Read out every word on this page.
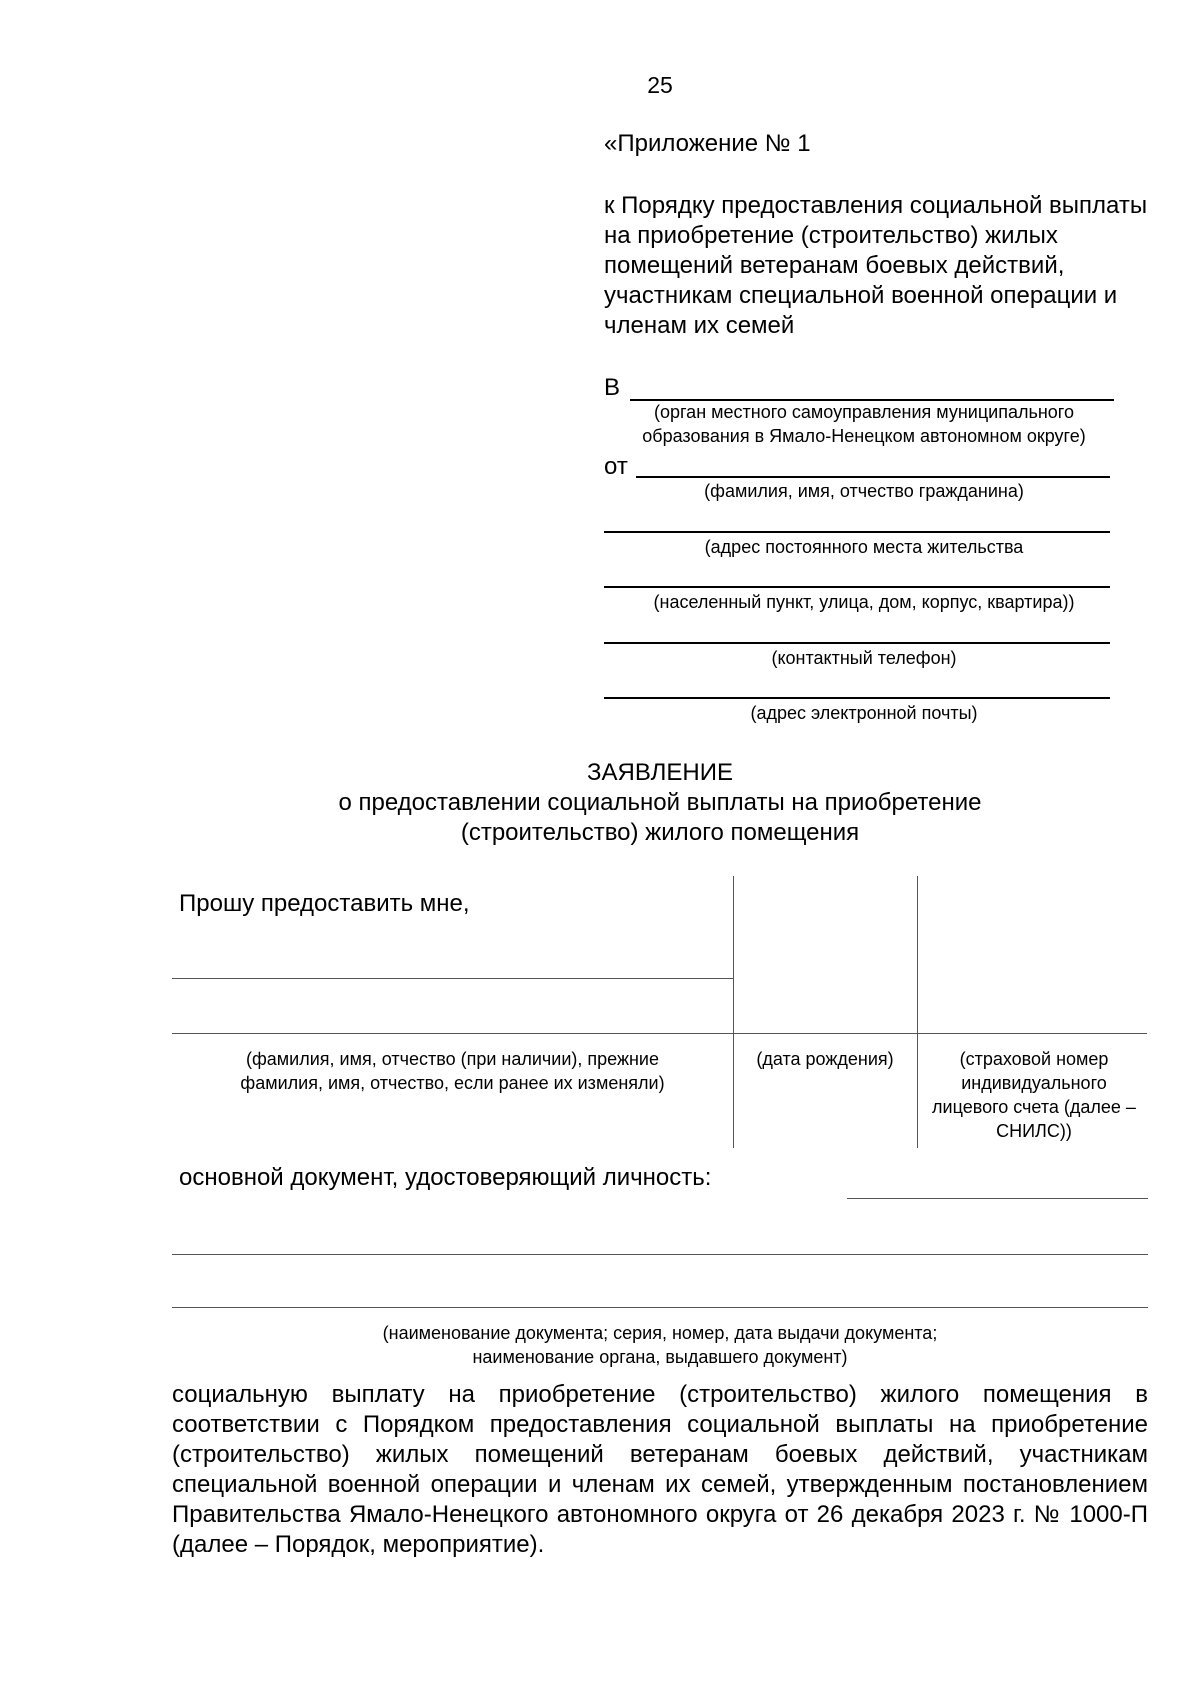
25
«Приложение № 1
к Порядку предоставления социальной выплаты на приобретение (строительство) жилых помещений ветеранам боевых действий, участникам специальной военной операции и членам их семей
В
(орган местного самоуправления муниципального образования в Ямало-Ненецком автономном округе)
от
(фамилия, имя, отчество гражданина)
(адрес постоянного места жительства
(населенный пункт, улица, дом, корпус, квартира))
(контактный телефон)
(адрес электронной почты)
ЗАЯВЛЕНИЕ
о предоставлении социальной выплаты на приобретение
(строительство) жилого помещения
Прошу предоставить мне,
(фамилия, имя, отчество (при наличии), прежние фамилия, имя, отчество, если ранее их изменяли)
(дата рождения)	(страховой номер индивидуального лицевого счета (далее – СНИЛС))
основной документ, удостоверяющий личность:
(наименование документа; серия, номер, дата выдачи документа; наименование органа, выдавшего документ)
социальную выплату на приобретение (строительство) жилого помещения в соответствии с Порядком предоставления социальной выплаты на приобретение (строительство) жилых помещений ветеранам боевых действий, участникам специальной военной операции и членам их семей, утвержденным постановлением Правительства Ямало-Ненецкого автономного округа от 26 декабря 2023 г. № 1000-П (далее – Порядок, мероприятие).
